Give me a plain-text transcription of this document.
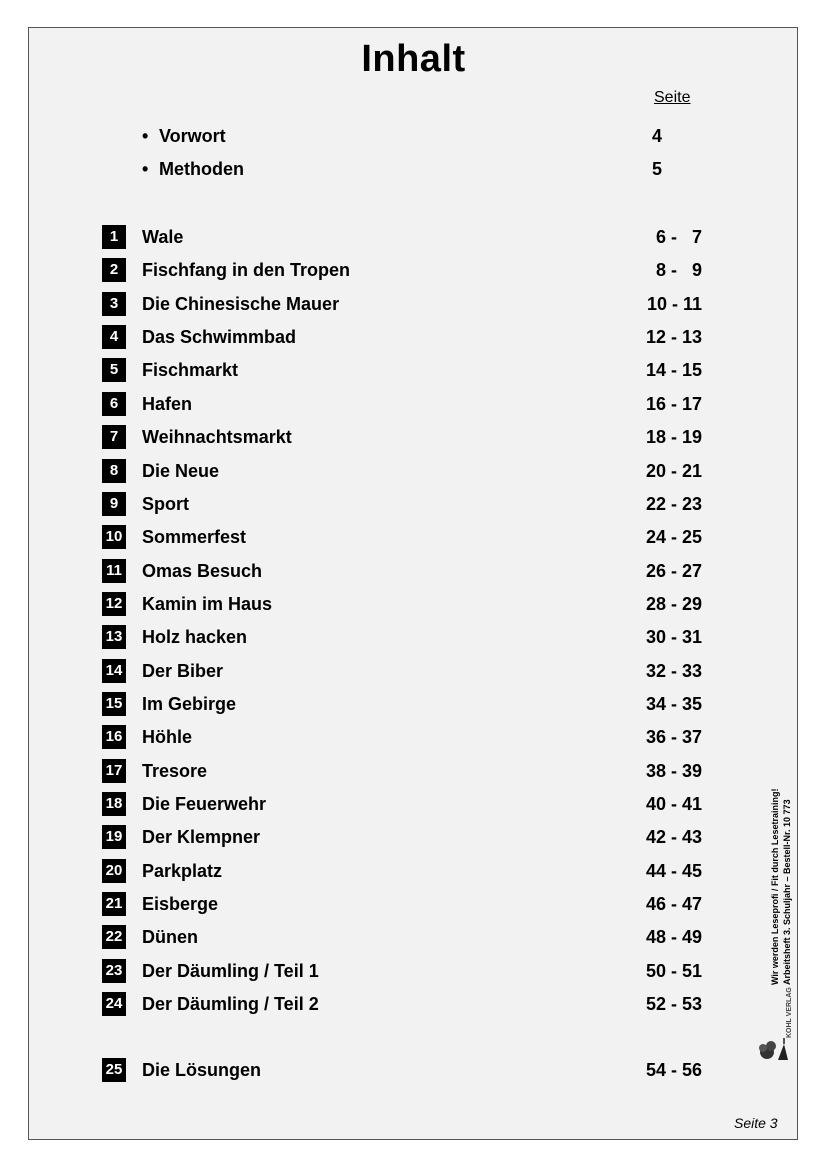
Inhalt
Seite
• Vorwort	4
• Methoden	5
1	Wale	6 -   7
2	Fischfang in den Tropen	8 -   9
3	Die Chinesische Mauer	10 - 11
4	Das Schwimmbad	12 - 13
5	Fischmarkt	14 - 15
6	Hafen	16 - 17
7	Weihnachtsmarkt	18 - 19
8	Die Neue	20 - 21
9	Sport	22 - 23
10 Sommerfest	24 - 25
11 Omas Besuch	26 - 27
12 Kamin im Haus	28 - 29
13 Holz hacken	30 - 31
14 Der Biber	32 - 33
15 Im Gebirge	34 - 35
16 Höhle	36 - 37
17 Tresore	38 - 39
18 Die Feuerwehr	40 - 41
19 Der Klempner	42 - 43
20 Parkplatz	44 - 45
21 Eisberge	46 - 47
22 Dünen	48 - 49
23 Der Däumling / Teil 1	50 - 51
24 Der Däumling / Teil 2	52 - 53
25 Die Lösungen	54 - 56
Wir werden Leseprofi / Fit durch Lesetraining! Arbeitsheft 3. Schuljahr – Bestell-Nr. 10 773
KOHL VERLAG
Seite 3
